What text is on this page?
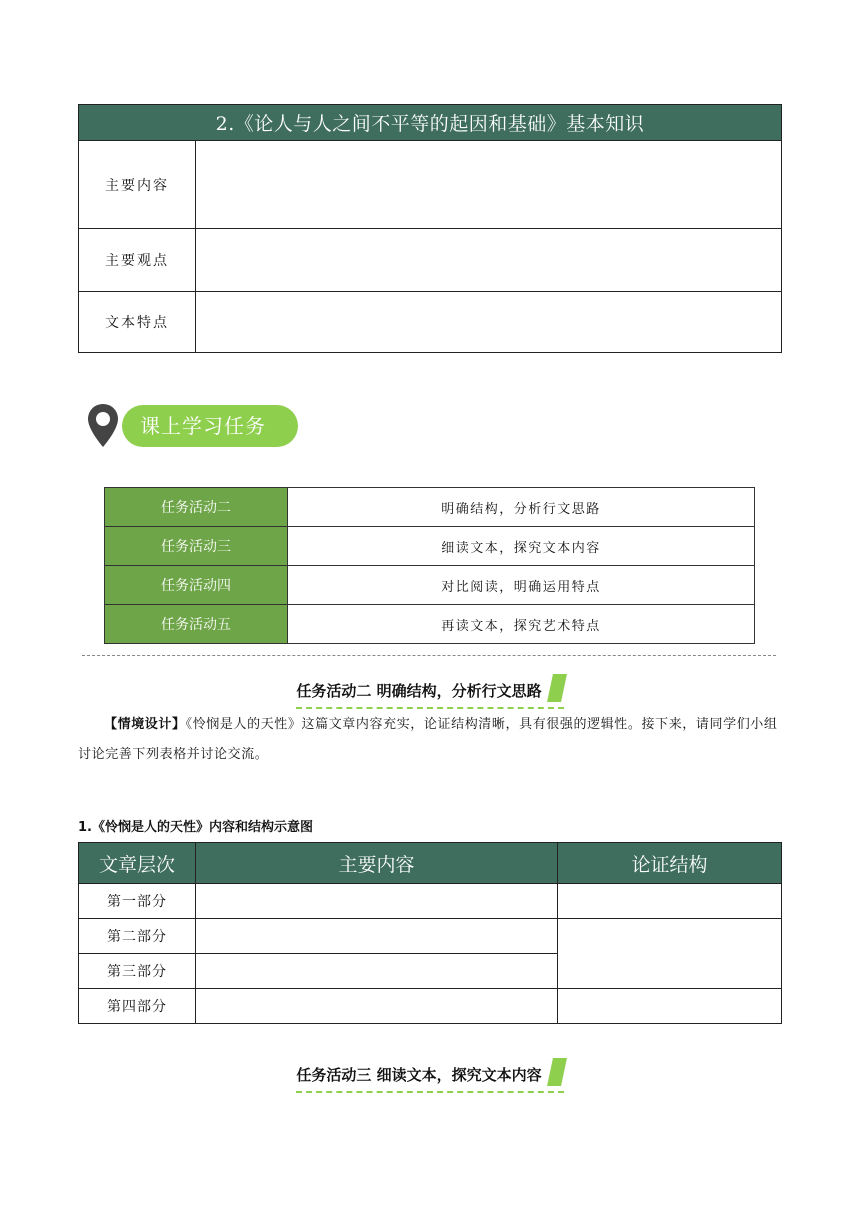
2.《论人与人之间不平等的起因和基础》基本知识	
主要内容	
主要观点	
文本特点	
课上学习任务
任务活动二	明确结构，分析行文思路
任务活动三	细读文本，探究文本内容
任务活动四	对比阅读，明确运用特点
任务活动五	再读文本，探究艺术特点
任务活动二 明确结构，分析行文思路
【情境设计】《怜悯是人的天性》这篇文章内容充实，论证结构清晰，具有很强的逻辑性。接下来，请同学们小组讨论完善下列表格并讨论交流。
1.《怜悯是人的天性》内容和结构示意图
文章层次	主要内容	论证结构
第一部分		
第二部分		
第三部分		
第四部分		
任务活动三 细读文本，探究文本内容
